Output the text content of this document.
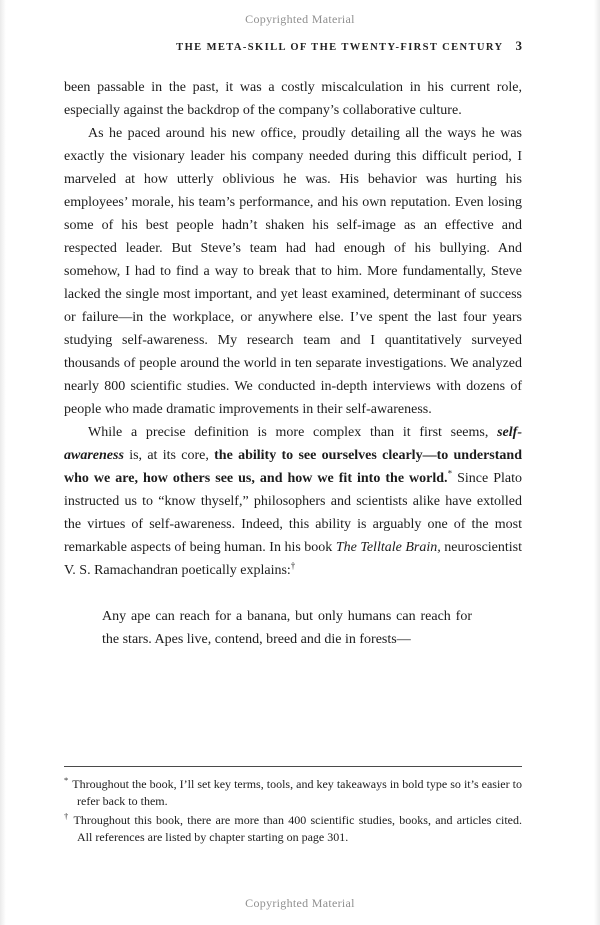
Copyrighted Material
THE META-SKILL OF THE TWENTY-FIRST CENTURY 3

been passable in the past, it was a costly miscalculation in his current role, especially against the backdrop of the company’s collaborative culture.

As he paced around his new office, proudly detailing all the ways he was exactly the visionary leader his company needed during this difficult period, I marveled at how utterly oblivious he was. His behavior was hurting his employees’ morale, his team’s performance, and his own reputation. Even losing some of his best people hadn’t shaken his self-image as an effective and respected leader. But Steve’s team had had enough of his bullying. And somehow, I had to find a way to break that to him. More fundamentally, Steve lacked the single most important, and yet least examined, determinant of success or failure—in the workplace, or anywhere else. I’ve spent the last four years studying self-awareness. My research team and I quantitatively surveyed thousands of people around the world in ten separate investigations. We analyzed nearly 800 scientific studies. We conducted in-depth interviews with dozens of people who made dramatic improvements in their self-awareness.

While a precise definition is more complex than it first seems, self-awareness is, at its core, the ability to see ourselves clearly—to understand who we are, how others see us, and how we fit into the world.* Since Plato instructed us to “know thyself,” philosophers and scientists alike have extolled the virtues of self-awareness. Indeed, this ability is arguably one of the most remarkable aspects of being human. In his book The Telltale Brain, neuroscientist V. S. Ramachandran poetically explains:†

Any ape can reach for a banana, but only humans can reach for the stars. Apes live, contend, breed and die in forests—

* Throughout the book, I’ll set key terms, tools, and key takeaways in bold type so it’s easier to refer back to them.
† Throughout this book, there are more than 400 scientific studies, books, and articles cited. All references are listed by chapter starting on page 301.
Copyrighted Material
